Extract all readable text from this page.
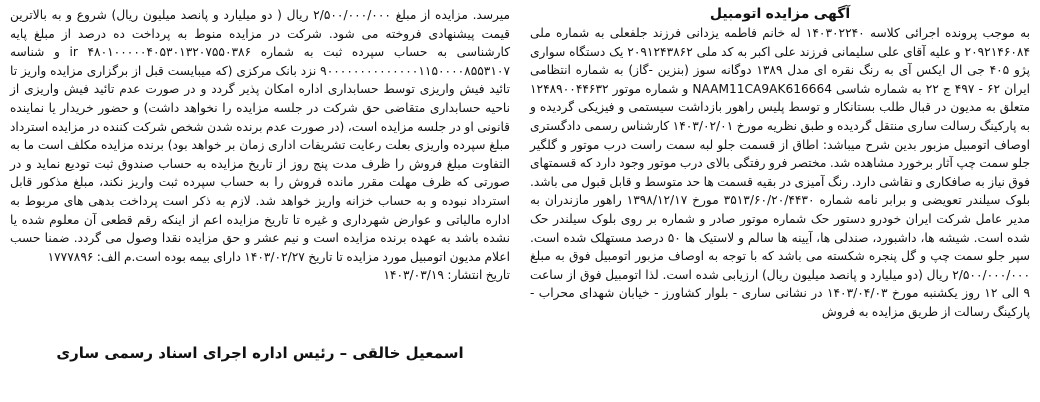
آگهی مزایده اتومبیل

به موجب پرونده اجرائی کلاسه ۱۴۰۳۰۲۲۴۰ له خانم فاطمه یزدانی فرزند جلفعلی به شماره ملی ۲۰۹۲۱۴۶۰۸۴ و علیه آقای علی سلیمانی فرزند علی اکبر به کد ملی ۲۰۹۱۲۴۳۸۶۲ یک دستگاه سواری پژو ۴۰۵ جی ال ایکس آی به رنگ نقره ای مدل ۱۳۸۹ دوگانه سوز (بنزین -گاز) به شماره انتظامی ایران ۶۲ - ۴۹۷ ج ۲۲ به شماره شاسی NAAM11CA9AK616664 و شماره موتور ۱۲۴۸۹۰۰۴۴۶۳۲ متعلق به مدیون در قبال طلب بستانکار و توسط پلیس راهور بازداشت سیستمی و فیزیکی گردیده و به پارکینگ رسالت ساری منتقل گردیده و طبق نظریه مورخ ۱۴۰۳/۰۲/۰۱ کارشناس رسمی دادگستری اوصاف اتومبیل مزبور بدین شرح میباشد: اطاق از قسمت جلو لبه سمت راست درب موتور و گلگیر جلو سمت چپ آثار برخورد مشاهده شد. مختصر فرو رفتگی بالای درب موتور وجود دارد که قسمتهای فوق نیاز به صافکاری و نقاشی دارد. رنگ آمیزی در بقیه قسمت ها حد متوسط و قابل قبول می باشد. بلوک سیلندر تعویضی و برابر نامه شماره ۳۵۱۳/۶۰/۲۰/۴۴۳۰ مورخ ۱۳۹۸/۱۲/۱۷ راهور مازندران به مدیر عامل شرکت ایران خودرو دستور حک شماره موتور صادر و شماره بر روی بلوک سیلندر حک شده است. شیشه ها، داشبورد، صندلی ها، آیینه ها سالم و لاستیک ها ۵۰ درصد مستهلک شده است. سپر جلو سمت چپ و گل پنجره شکسته می باشد که با توجه به اوصاف مزبور اتومبیل فوق به مبلغ ۲/۵۰۰/۰۰۰/۰۰۰ ریال (دو میلیارد و پانصد میلیون ریال) ارزیابی شده است. لذا اتومبیل فوق از ساعت ۹ الی ۱۲ روز یکشنبه مورخ ۱۴۰۳/۰۴/۰۳ در نشانی ساری - بلوار کشاورز - خیابان شهدای محراب - پارکینگ رسالت از طریق مزایده به فروش

میرسد. مزایده از مبلغ ۲/۵۰۰/۰۰۰/۰۰۰ ریال ( دو میلیارد و پانصد میلیون ریال) شروع و به بالاترین قیمت پیشنهادی فروخته می شود. شرکت در مزایده منوط به پرداخت ده درصد از مبلغ پایه کارشناسی به حساب سپرده ثبت به شماره ۴۸۰۱۰۰۰۰۰۴۰۵۳۰۱۳۲۰۷۵۵۰۳۸۶ ir و شناسه ۹۰۰۰۰۰۰۰۰۰۰۰۰۰۰۱۱۵۰۰۰۰۸۵۵۳۱۰۷ نزد بانک مرکزی (که میبایست قبل از برگزاری مزایده واریز تا تائید فیش واریزی توسط حسابداری اداره امکان پذیر گردد و در صورت عدم تائید فیش واریزی از ناحیه حسابداری متقاضی حق شرکت در جلسه مزایده را نخواهد داشت) و حضور خریدار یا نماینده قانونی او در جلسه مزایده است، (در صورت عدم برنده شدن شخص شرکت کننده در مزایده استرداد مبلغ سپرده واریزی بعلت رعایت تشریفات اداری زمان بر خواهد بود) برنده مزایده مکلف است ما به التفاوت مبلغ فروش را ظرف مدت پنج روز از تاریخ مزایده به حساب صندوق ثبت تودیع نماید و در صورتی که ظرف مهلت مقرر مانده فروش را به حساب سپرده ثبت واریز نکند، مبلغ مذکور قابل استرداد نبوده و به حساب خزانه واریز خواهد شد. لازم به ذکر است پرداخت بدهی های مربوط به اداره مالیاتی و عوارض شهرداری و غیره تا تاریخ مزایده اعم از اینکه رقم قطعی آن معلوم شده یا نشده باشد به عهده برنده مزایده است و نیم عشر و حق مزایده نقدا وصول می گردد. ضمنا حسب اعلام مدیون اتومبیل مورد مزایده تا تاریخ ۱۴۰۳/۰۲/۲۷ دارای بیمه بوده است.م الف: ۱۷۷۷۸۹۶

تاریخ انتشار: ۱۴۰۳/۰۳/۱۹

اسمعیل خالقی – رئیس اداره اجرای اسناد رسمی ساری
